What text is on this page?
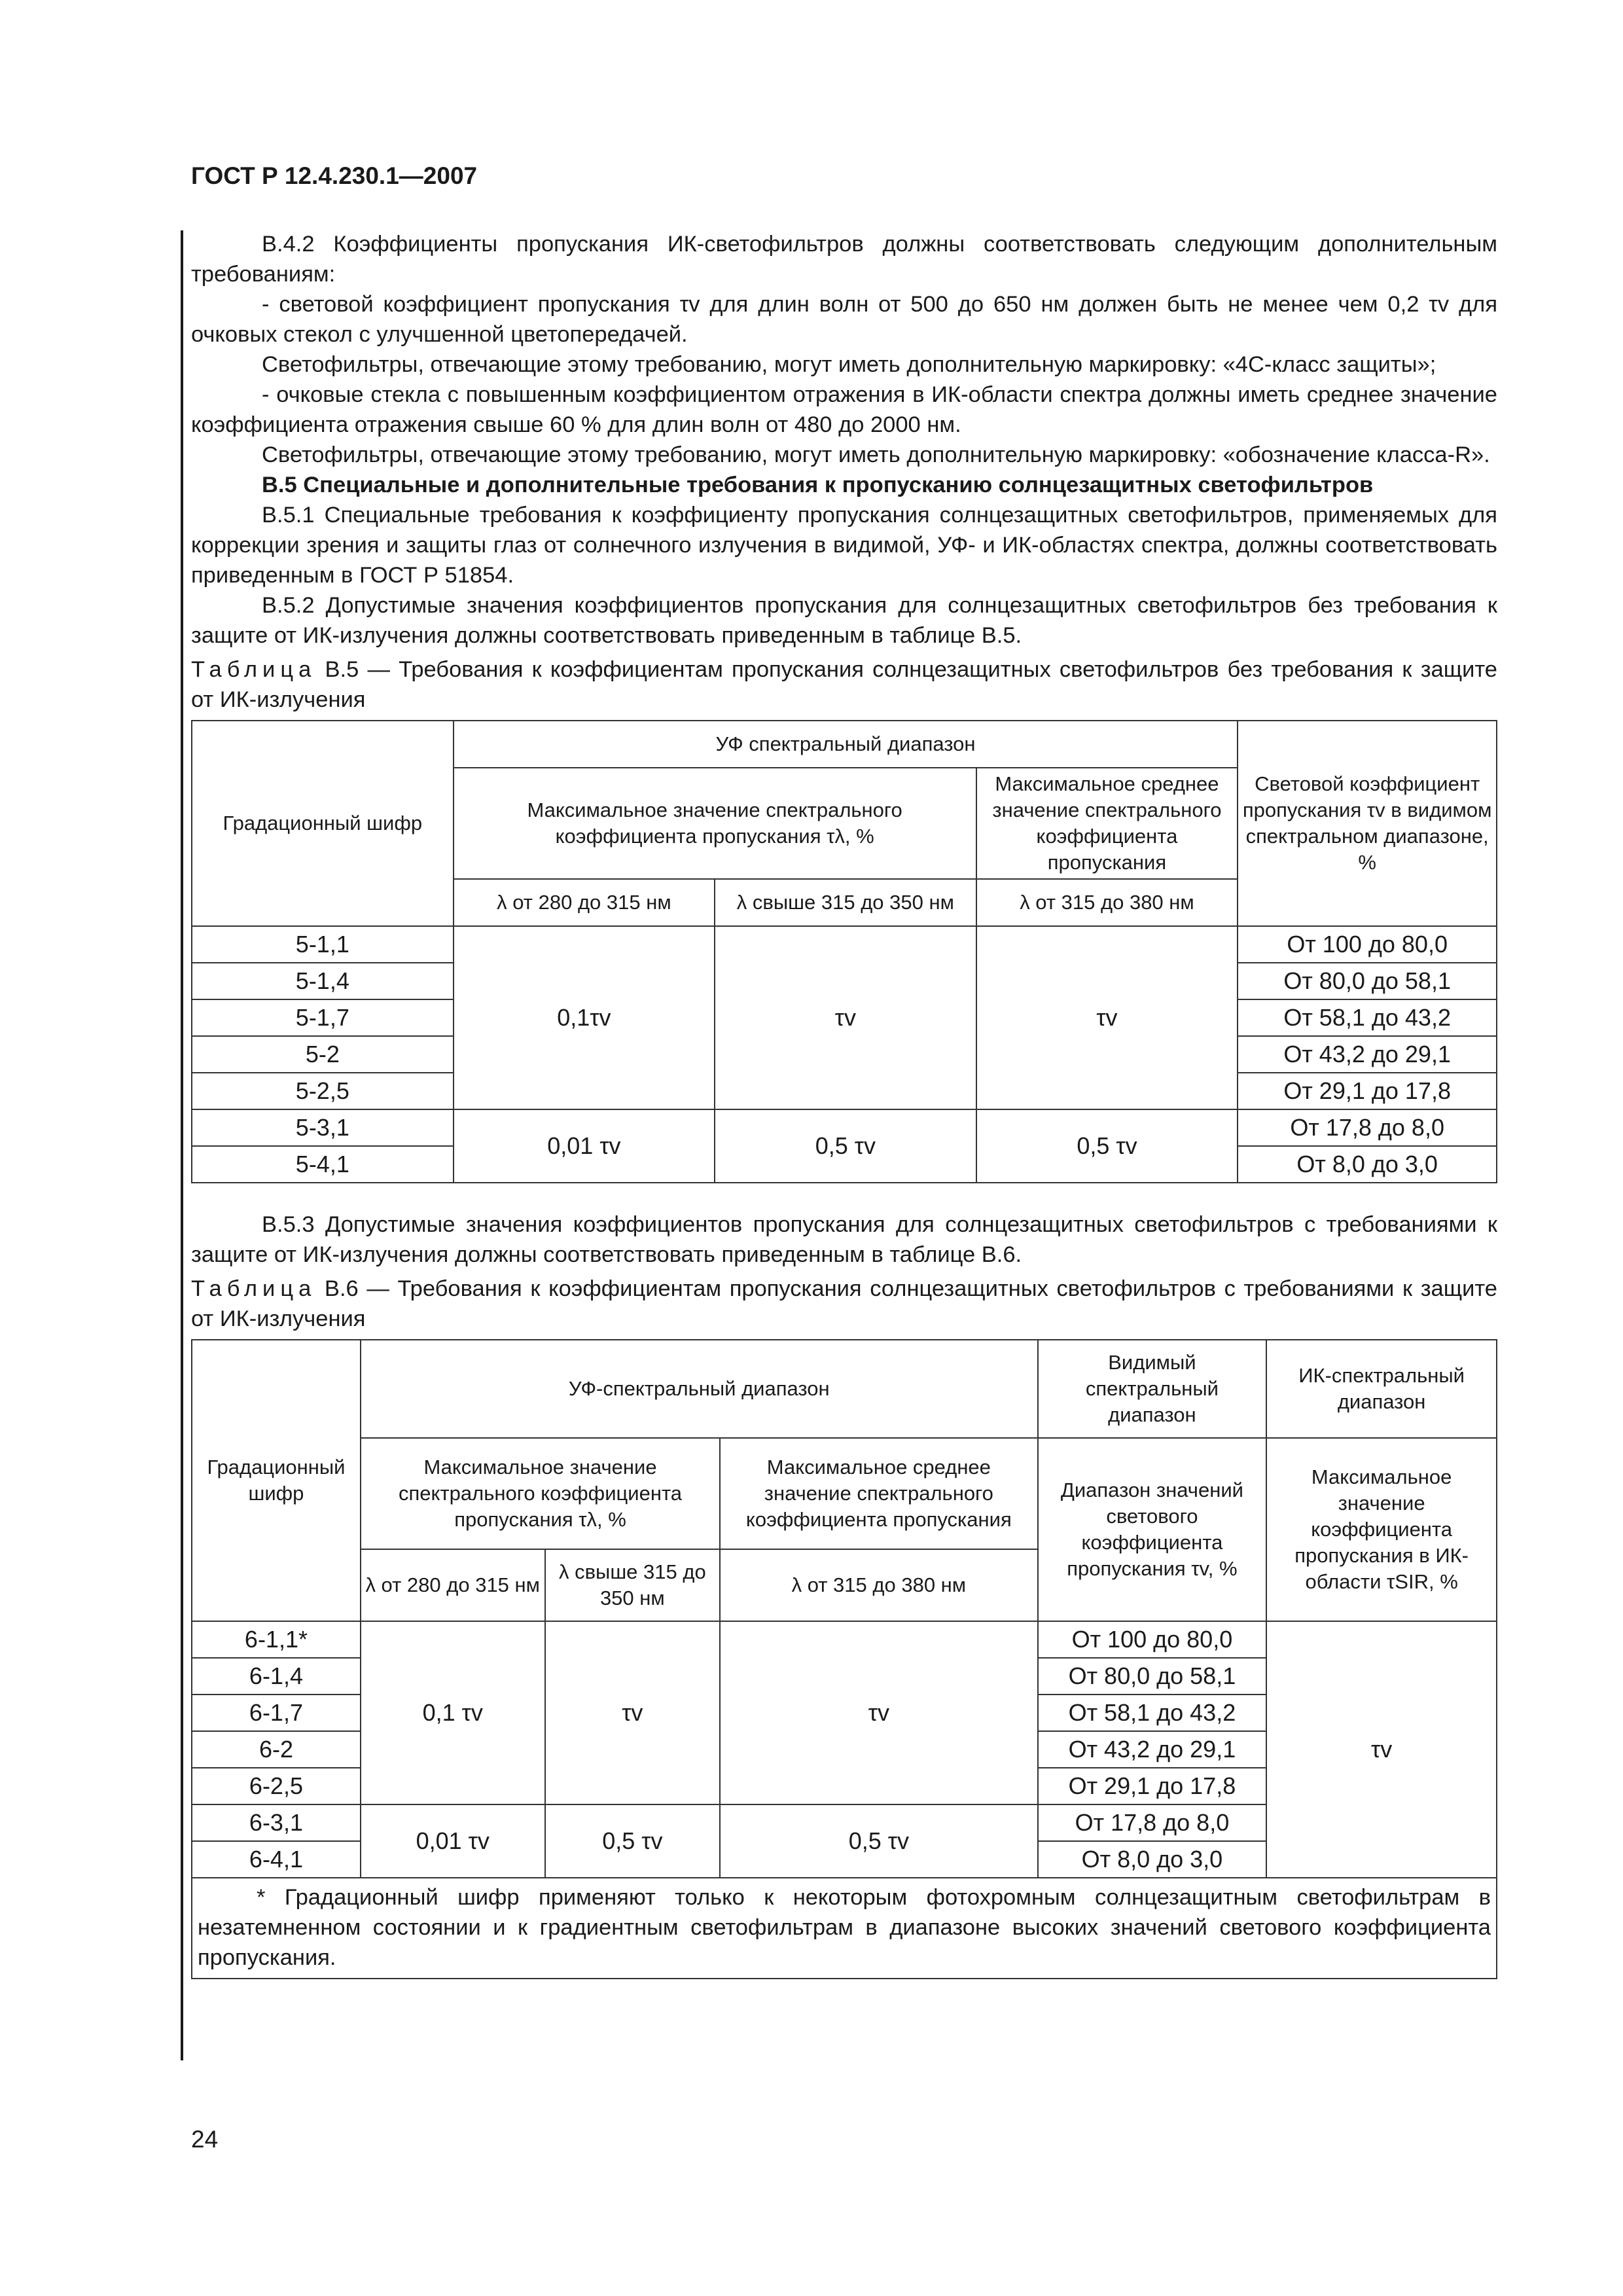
ГОСТ Р 12.4.230.1—2007

В.4.2 Коэффициенты пропускания ИК-светофильтров должны соответствовать следующим дополнительным требованиям:

- световой коэффициент пропускания τv для длин волн от 500 до 650 нм должен быть не менее чем 0,2 τv для очковых стекол с улучшенной цветопередачей.

Светофильтры, отвечающие этому требованию, могут иметь дополнительную маркировку: «4С-класс защиты»;

- очковые стекла с повышенным коэффициентом отражения в ИК-области спектра должны иметь среднее значение коэффициента отражения свыше 60 % для длин волн от 480 до 2000 нм.

Светофильтры, отвечающие этому требованию, могут иметь дополнительную маркировку: «обозначение класса-R».

В.5 Специальные и дополнительные требования к пропусканию солнцезащитных светофильтров

В.5.1 Специальные требования к коэффициенту пропускания солнцезащитных светофильтров, применяемых для коррекции зрения и защиты глаз от солнечного излучения в видимой, УФ- и ИК-областях спектра, должны соответствовать приведенным в ГОСТ Р 51854.

В.5.2 Допустимые значения коэффициентов пропускания для солнцезащитных светофильтров без требования к защите от ИК-излучения должны соответствовать приведенным в таблице В.5.

Таблица В.5 — Требования к коэффициентам пропускания солнцезащитных светофильтров без требования к защите от ИК-излучения

Градационный шифр	УФ спектральный диапазон			Световой коэффициент пропускания τv в видимом спектральном диапазоне, %
	Максимальное значение спектрального коэффициента пропускания τλ, %		Максимальное среднее значение спектрального коэффициента пропускания	
	λ от 280 до 315 нм	λ свыше 315 до 350 нм	λ от 315 до 380 нм	
5-1,1	0,1τv	τv	τv	От 100 до 80,0
5-1,4				От 80,0 до 58,1
5-1,7				От 58,1 до 43,2
5-2				От 43,2 до 29,1
5-2,5				От 29,1 до 17,8
5-3,1	0,01 τv	0,5 τv	0,5 τv	От 17,8 до 8,0
5-4,1				От 8,0 до 3,0

В.5.3 Допустимые значения коэффициентов пропускания для солнцезащитных светофильтров с требованиями к защите от ИК-излучения должны соответствовать приведенным в таблице В.6.

Таблица В.6 — Требования к коэффициентам пропускания солнцезащитных светофильтров с требованиями к защите от ИК-излучения

Градационный шифр	УФ-спектральный диапазон			Видимый спектральный диапазон	ИК-спектральный диапазон
	Максимальное значение спектрального коэффициента пропускания τλ, %		Максимальное среднее значение спектрального коэффициента пропускания	Диапазон значений светового коэффициента пропускания τv, %	Максимальное значение коэффициента пропускания в ИК-области τSIR, %
	λ от 280 до 315 нм	λ свыше 315 до 350 нм	λ от 315 до 380 нм		
6-1,1*	0,1 τv	τv	τv	От 100 до 80,0	τv
6-1,4				От 80,0 до 58,1	
6-1,7				От 58,1 до 43,2	
6-2				От 43,2 до 29,1	
6-2,5				От 29,1 до 17,8	
6-3,1	0,01 τv	0,5 τv	0,5 τv	От 17,8 до 8,0	
6-4,1				От 8,0 до 3,0	
* Градационный шифр применяют только к некоторым фотохромным солнцезащитным светофильтрам в незатемненном состоянии и к градиентным светофильтрам в диапазоне высоких значений светового коэффициента пропускания.					
24
